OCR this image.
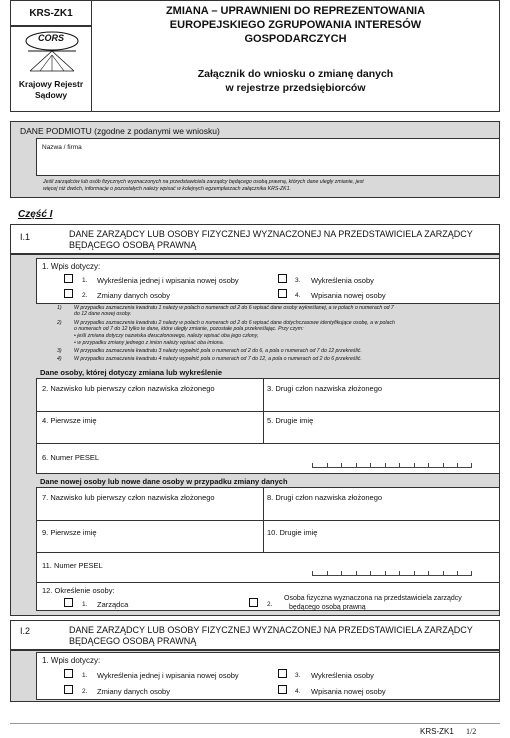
KRS-ZK1
CORS
Krajowy Rejestr
Sądowy
ZMIANA – UPRAWNIENI DO REPREZENTOWANIA
EUROPEJSKIEGO ZGRUPOWANIA INTERESÓW
GOSPODARCZYCH
Załącznik do wniosku o zmianę danych
w rejestrze przedsiębiorców
DANE PODMIOTU (zgodne z podanymi we wniosku)
Nazwa / firma
Jeśli zarządców lub osób fizycznych wyznaczonych na przedstawiciela zarządcy będącego osobą prawną, których dane uległy zmianie, jest
więcej niż dwóch, informacje o pozostałych należy wpisać w kolejnych egzemplarzach załącznika KRS-ZK1.
Część I
I.1	DANE ZARZĄDCY LUB OSOBY FIZYCZNEJ WYZNACZONEJ NA PRZEDSTAWICIELA ZARZĄDCY
BĘDĄCEGO OSOBĄ PRAWNĄ
1. Wpis dotyczy:
1. Wykreślenia jednej i wpisania nowej osoby	3. Wykreślenia osoby
2. Zmiany danych osoby	4. Wpisania nowej osoby
1) W przypadku zaznaczenia kwadratu 1 należy w polach o numerach od 2 do 6 wpisać dane osoby wykreślanej, a w polach o numerach od 7
do 12 dane nowej osoby.
2) W przypadku zaznaczenia kwadratu 2 należy w polach o numerach od 2 do 6 wpisać dane dotychczasowe identyfikujące osobę, a w polach
o numerach od 7 do 12 tylko te dane, które uległy zmianie, pozostałe pola przekreślając. Przy czym:
• jeśli zmiana dotyczy nazwiska dwuczłonowego, należy wpisać oba jego człony,
• w przypadku zmiany jednego z imion należy wpisać oba imiona.
3) W przypadku zaznaczenia kwadratu 3 należy wypełnić pola o numerach od 2 do 6, a pola o numerach od 7 do 12 przekreślić.
4) W przypadku zaznaczenia kwadratu 4 należy wypełnić pola o numerach od 7 do 12, a pola o numerach od 2 do 6 przekreślić.
Dane osoby, której dotyczy zmiana lub wykreślenie
2. Nazwisko lub pierwszy człon nazwiska złożonego	3. Drugi człon nazwiska złożonego
4. Pierwsze imię	5. Drugie imię
6. Numer PESEL
Dane nowej osoby lub nowe dane osoby w przypadku zmiany danych
7. Nazwisko lub pierwszy człon nazwiska złożonego	8. Drugi człon nazwiska złożonego
9. Pierwsze imię	10. Drugie imię
11. Numer PESEL
12. Określenie osoby:
1. Zarządca	2.
Osoba fizyczna wyznaczona na przedstawiciela zarządcy
będącego osobą prawną
I.2	DANE ZARZĄDCY LUB OSOBY FIZYCZNEJ WYZNACZONEJ NA PRZEDSTAWICIELA ZARZĄDCY
BĘDĄCEGO OSOBĄ PRAWNĄ
1. Wpis dotyczy:
1. Wykreślenia jednej i wpisania nowej osoby	3. Wykreślenia osoby
2. Zmiany danych osoby	4. Wpisania nowej osoby
KRS-ZK1 1/2
